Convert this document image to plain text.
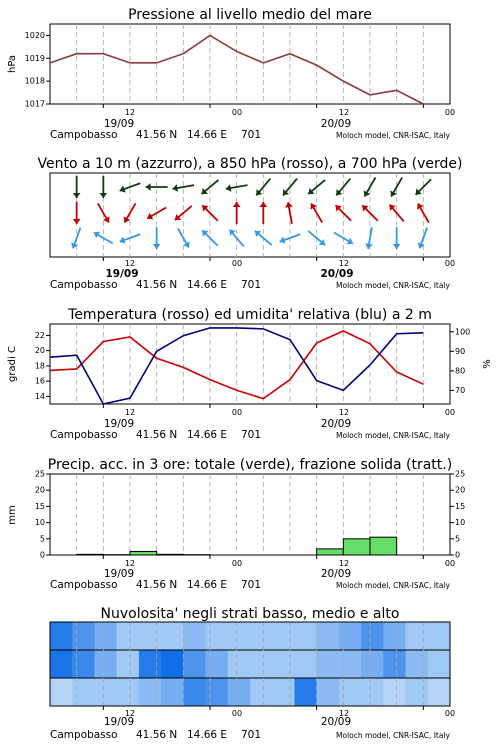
Pressione al livello medio del mare
1017
1018
1019
1020
hPa
Vento a 10 m (azzurro), a 850 hPa (rosso), a 700 hPa (verde)
Temperatura (rosso) ed umidita' relativa (blu) a 2 m
14
16
18
20
22
70
80
90
100
gradi C	%
Precip. acc. in 3 ore: totale (verde), frazione solida (tratt.)
0
5
10
15
20
25
0
5
10
15
20
25
mm
Nuvolosita' negli strati basso, medio e alto
12	00	12	00
19/09	20/09
12	00	12	00
19/09	20/09
12	00	12	00
19/09	20/09
12	00	12	00
19/09	20/09
12	00	12	00
19/09	20/09
Campobasso 41.56 N 14.66 E 701	Moloch model, CNR-ISAC, Italy
Campobasso 41.56 N 14.66 E 701	Moloch model, CNR-ISAC, Italy
Campobasso 41.56 N 14.66 E 701	Moloch model, CNR-ISAC, Italy
Campobasso 41.56 N 14.66 E 701	Moloch model, CNR-ISAC, Italy
Campobasso 41.56 N 14.66 E 701	Moloch model, CNR-ISAC, Italy
